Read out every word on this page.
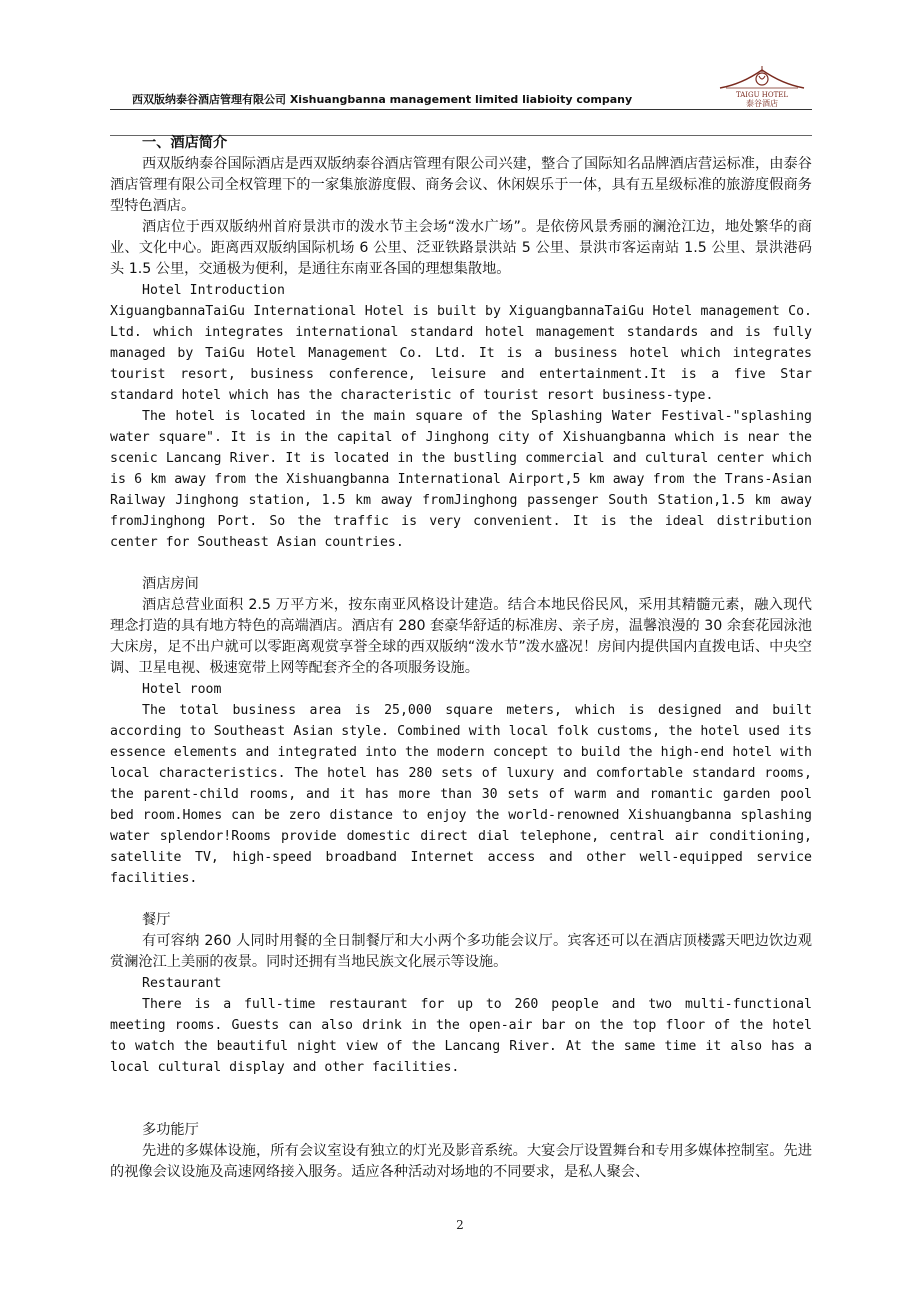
西双版纳泰谷酒店管理有限公司 Xishuangbanna management limited liabioity company	TAIGU HOTEL
泰谷酒店

一、酒店简介

西双版纳泰谷国际酒店是西双版纳泰谷酒店管理有限公司兴建，整合了国际知名品牌酒店营运标准，由泰谷酒店管理有限公司全权管理下的一家集旅游度假、商务会议、休闲娱乐于一体，具有五星级标准的旅游度假商务型特色酒店。

酒店位于西双版纳州首府景洪市的泼水节主会场“泼水广场”。是依傍风景秀丽的澜沧江边，地处繁华的商业、文化中心。距离西双版纳国际机场 6 公里、泛亚铁路景洪站 5 公里、景洪市客运南站 1.5 公里、景洪港码头 1.5 公里，交通极为便利，是通往东南亚各国的理想集散地。

Hotel Introduction

XiguangbannaTaiGu International Hotel is built by XiguangbannaTaiGu Hotel management Co. Ltd. which integrates international standard hotel management standards and is fully managed by TaiGu Hotel Management Co. Ltd. It is a business hotel which integrates tourist resort, business conference, leisure and entertainment.It is a five Star standard hotel which has the characteristic of tourist resort business-type.

The hotel is located in the main square of the Splashing Water Festival-"splashing water square". It is in the capital of Jinghong city of Xishuangbanna which is near the scenic Lancang River. It is located in the bustling commercial and cultural center which is 6 km away from the Xishuangbanna International Airport,5 km away from the Trans-Asian Railway Jinghong station, 1.5 km away fromJinghong passenger South Station,1.5 km away fromJinghong Port. So the traffic is very convenient. It is the ideal distribution center for Southeast Asian countries.

酒店房间

酒店总营业面积 2.5 万平方米，按东南亚风格设计建造。结合本地民俗民风，采用其精髓元素，融入现代理念打造的具有地方特色的高端酒店。酒店有 280 套豪华舒适的标准房、亲子房，温馨浪漫的 30 余套花园泳池大床房，足不出户就可以零距离观赏享誉全球的西双版纳“泼水节”泼水盛况！房间内提供国内直拨电话、中央空调、卫星电视、极速宽带上网等配套齐全的各项服务设施。

Hotel room

The total business area is 25,000 square meters, which is designed and built according to Southeast Asian style. Combined with local folk customs, the hotel used its essence elements and integrated into the modern concept to build the high-end hotel with local characteristics. The hotel has 280 sets of luxury and comfortable standard rooms, the parent-child rooms, and it has more than 30 sets of warm and romantic garden pool bed room.Homes can be zero distance to enjoy the world-renowned Xishuangbanna splashing water splendor!Rooms provide domestic direct dial telephone, central air conditioning, satellite TV, high-speed broadband Internet access and other well-equipped service facilities.

餐厅

有可容纳 260 人同时用餐的全日制餐厅和大小两个多功能会议厅。宾客还可以在酒店顶楼露天吧边饮边观赏澜沧江上美丽的夜景。同时还拥有当地民族文化展示等设施。

Restaurant

There is a full-time restaurant for up to 260 people and two multi-functional meeting rooms. Guests can also drink in the open-air bar on the top floor of the hotel to watch the beautiful night view of the Lancang River. At the same time it also has a local cultural display and other facilities.

多功能厅

先进的多媒体设施，所有会议室设有独立的灯光及影音系统。大宴会厅设置舞台和专用多媒体控制室。先进的视像会议设施及高速网络接入服务。适应各种活动对场地的不同要求，是私人聚会、

2
